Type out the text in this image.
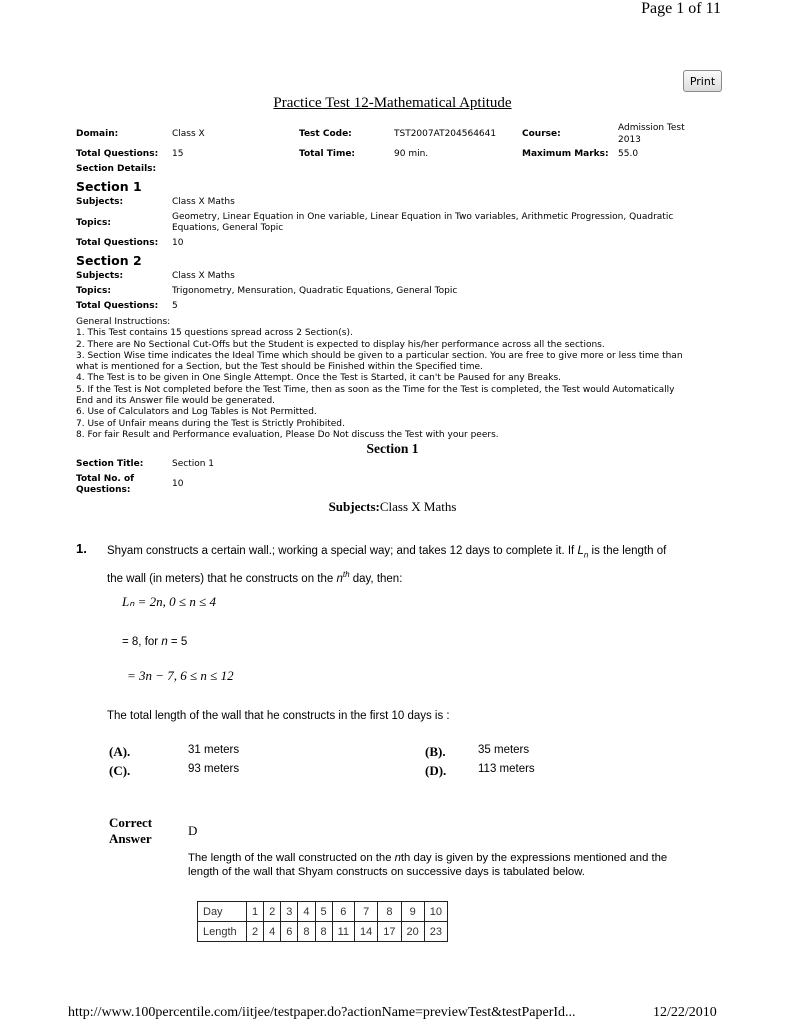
Page 1 of 11
Print
Practice Test 12-Mathematical Aptitude
Domain:	Class X	Test Code:	TST2007AT204564641	Course:
Admission Test
2013
Total Questions: 15	Total Time:	90 min.	Maximum Marks: 55.0
Section Details:
Section 1
Subjects:	Class X Maths
Topics:
Geometry, Linear Equation in One variable, Linear Equation in Two variables, Arithmetic Progression, Quadratic
Equations, General Topic
Total Questions: 10
Section 2
Subjects:	Class X Maths
Topics:	Trigonometry, Mensuration, Quadratic Equations, General Topic
Total Questions: 5
General Instructions:
1. This Test contains 15 questions spread across 2 Section(s).
2. There are No Sectional Cut-Offs but the Student is expected to display his/her performance across all the sections.
3. Section Wise time indicates the Ideal Time which should be given to a particular section. You are free to give more or less time than
what is mentioned for a Section, but the Test should be Finished within the Specified time.
4. The Test is to be given in One Single Attempt. Once the Test is Started, it can't be Paused for any Breaks.
5. If the Test is Not completed before the Test Time, then as soon as the Time for the Test is completed, the Test would Automatically
End and its Answer file would be generated.
6. Use of Calculators and Log Tables is Not Permitted.
7. Use of Unfair means during the Test is Strictly Prohibited.
8. For fair Result and Performance evaluation, Please Do Not discuss the Test with your peers.
Section 1
Section Title:	Section 1
Total No. of
Questions:
10
Subjects:Class X Maths
1. Shyam constructs a certain wall.; working a special way; and takes 12 days to complete it. If $L_n$ is the length of
the wall (in meters) that he constructs on the $n^{th}$ day, then:
Lₙ = 2n, 0 ≤ n ≤ 4
= 8, for n = 5
= 3n − 7, 6 ≤ n ≤ 12
The total length of the wall that he constructs in the first 10 days is :
(A).	31 meters	(B).	35 meters
(C).	93 meters	(D).	113 meters
Correct
Answer
D
The length of the wall constructed on the nth day is given by the expressions mentioned and the
length of the wall that Shyam constructs on successive days is tabulated below.
Day	1	2	3	4	5	6	7	8	9	10
Length	2	4	6	8	8	11	14	17	20	23
http://www.100percentile.com/iitjee/testpaper.do?actionName=previewTest&testPaperId...	12/22/2010
